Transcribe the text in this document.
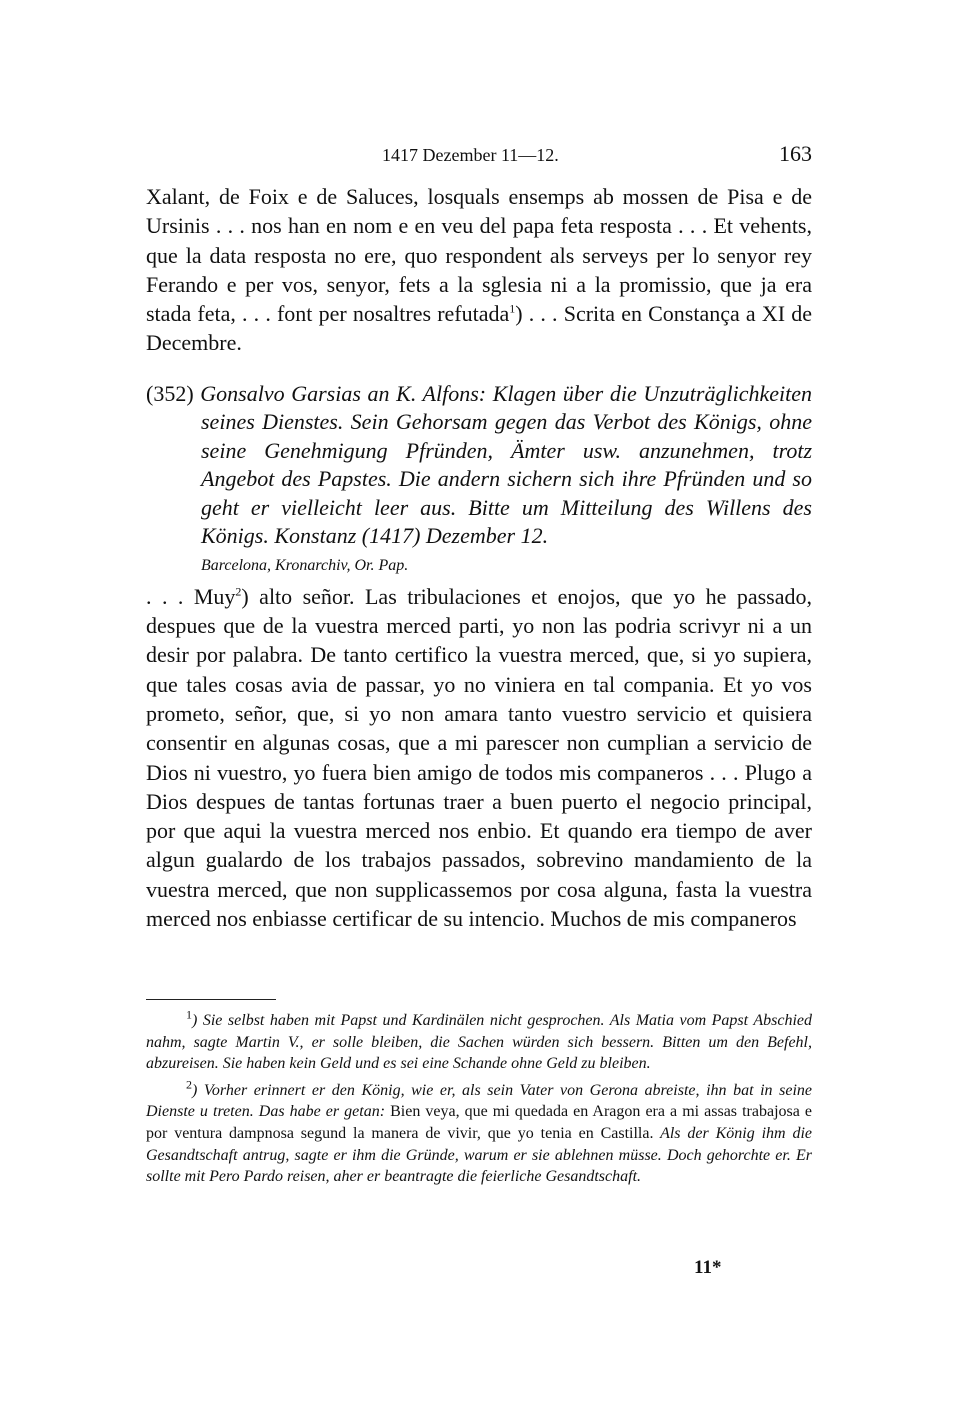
1417 Dezember 11—12.	163

Xalant, de Foix e de Saluces, losquals ensemps ab mossen de Pisa e de Ursinis . . . nos han en nom e en veu del papa feta resposta . . . Et vehents, que la data resposta no ere, quo respondent als serveys per lo senyor rey Ferando e per vos, senyor, fets a la sglesia ni a la promissio, que ja era stada feta, . . . font per nosaltres refutada$^1$) . . . Scrita en Constança a XI de Decembre.

(352) Gonsalvo Garsias an K. Alfons: Klagen über die Unzuträglichkeiten seines Dienstes. Sein Gehorsam gegen das Verbot des Königs, ohne seine Genehmigung Pfründen, Ämter usw. anzunehmen, trotz Angebot des Papstes. Die andern sichern sich ihre Pfründen und so geht er vielleicht leer aus. Bitte um Mitteilung des Willens des Königs. Konstanz (1417) Dezember 12.

Barcelona, Kronarchiv, Or. Pap.

. . . Muy$^2$) alto señor. Las tribulaciones et enojos, que yo he passado, despues que de la vuestra merced parti, yo non las podria scrivyr ni a un desir por palabra. De tanto certifico la vuestra merced, que, si yo supiera, que tales cosas avia de passar, yo no viniera en tal compania. Et yo vos prometo, señor, que, si yo non amara tanto vuestro servicio et quisiera consentir en algunas cosas, que a mi parescer non cumplian a servicio de Dios ni vuestro, yo fuera bien amigo de todos mis companeros . . . Plugo a Dios despues de tantas fortunas traer a buen puerto el negocio principal, por que aqui la vuestra merced nos enbio. Et quando era tiempo de aver algun gualardo de los trabajos passados, sobrevino mandamiento de la vuestra merced, que non supplicassemos por cosa alguna, fasta la vuestra merced nos enbiasse certificar de su intencio. Muchos de mis companeros

$^1$) Sie selbst haben mit Papst und Kardinälen nicht gesprochen. Als Matia vom Papst Abschied nahm, sagte Martin V., er solle bleiben, die Sachen würden sich bessern. Bitten um den Befehl, abzureisen. Sie haben kein Geld und es sei eine Schande ohne Geld zu bleiben.

$^2$) Vorher erinnert er den König, wie er, als sein Vater von Gerona abreiste, ihn bat in seine Dienste u treten. Das habe er getan: Bien veya, que mi quedada en Aragon era a mi assas trabajosa e por ventura dampnosa segund la manera de vivir, que yo tenia en Castilla. Als der König ihm die Gesandtschaft antrug, sagte er ihm die Gründe, warum er sie ablehnen müsse. Doch gehorchte er. Er sollte mit Pero Pardo reisen, aher er beantragte die feierliche Gesandtschaft.

11*
